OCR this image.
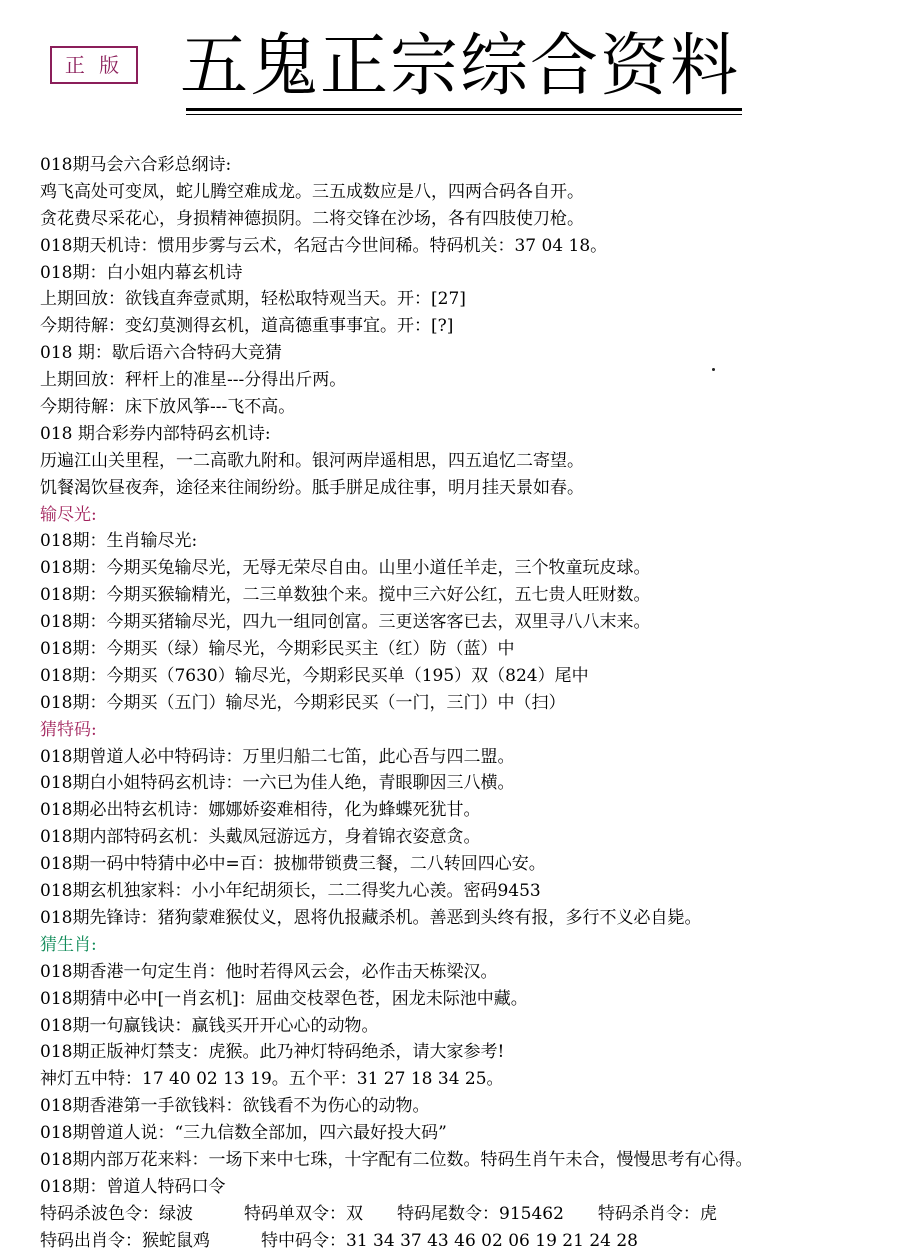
正 版 五鬼正宗综合资料
018期马会六合彩总纲诗:
鸡飞高处可变凤，蛇儿腾空难成龙。三五成数应是八，四两合码各自开。
贪花费尽采花心，身损精神德损阴。二将交锋在沙场，各有四肢使刀枪。
018期天机诗：惯用步雾与云术，名冠古今世间稀。特码机关：37 04 18。
018期：白小姐内幕玄机诗
上期回放：欲钱直奔壹贰期，轻松取特观当天。开：[27]
今期待解：变幻莫测得玄机，道高德重事事宜。开：[?]
018 期：歇后语六合特码大竞猜
上期回放：秤杆上的准星---分得出斤两。
今期待解：床下放风筝---飞不高。
018 期合彩券内部特码玄机诗:
历遍江山关里程，一二高歌九附和。银河两岸遥相思，四五追忆二寄望。
饥餐渴饮昼夜奔，途径来往闹纷纷。胝手胼足成往事，明月挂天景如春。
输尽光:
018期：生肖输尽光:
018期：今期买兔输尽光，无辱无荣尽自由。山里小道任羊走，三个牧童玩皮球。
018期：今期买猴输精光，二三单数独个来。搅中三六好公红，五七贵人旺财数。
018期：今期买猪输尽光，四九一组同创富。三更送客客已去，双里寻八八末来。
018期：今期买（绿）输尽光，今期彩民买主（红）防（蓝）中
018期：今期买（7630）输尽光，今期彩民买单（195）双（824）尾中
018期：今期买（五门）输尽光，今期彩民买（一门，三门）中（扫）
猜特码:
018期曾道人必中特码诗：万里归船二七笛，此心吾与四二盟。
018期白小姐特码玄机诗：一六已为佳人绝，青眼聊因三八横。
018期必出特玄机诗：娜娜娇姿难相待，化为蜂蝶死犹甘。
018期内部特码玄机：头戴凤冠游远方，身着锦衣姿意贪。
018期一码中特猜中必中=百：披枷带锁费三餐，二八转回四心安。
018期玄机独家料：小小年纪胡须长，二二得奖九心羡。密码9453
018期先锋诗：猪狗蒙难猴仗义，恩将仇报藏杀机。善恶到头终有报，多行不义必自毙。
猜生肖:
018期香港一句定生肖：他时若得风云会，必作击天栋梁汉。
018期猜中必中[一肖玄机]：屈曲交枝翠色苍，困龙未际池中藏。
018期一句赢钱诀：赢钱买开开心心的动物。
018期正版神灯禁支：虎猴。此乃神灯特码绝杀，请大家参考!
神灯五中特：17 40 02 13 19。五个平：31 27 18 34 25。
018期香港第一手欲钱料：欲钱看不为伤心的动物。
018期曾道人说：“三九信数全部加，四六最好投大码”
018期内部万花来料：一场下来中七珠，十字配有二位数。特码生肖午未合，慢慢思考有心得。
018期：曾道人特码口令
特码杀波色令：绿波　　　特码单双令：双　　特码尾数令：915462　　特码杀肖令：虎
特码出肖令：猴蛇鼠鸡　　　特中码令：31 34 37 43 46 02 06 19 21 24 28
